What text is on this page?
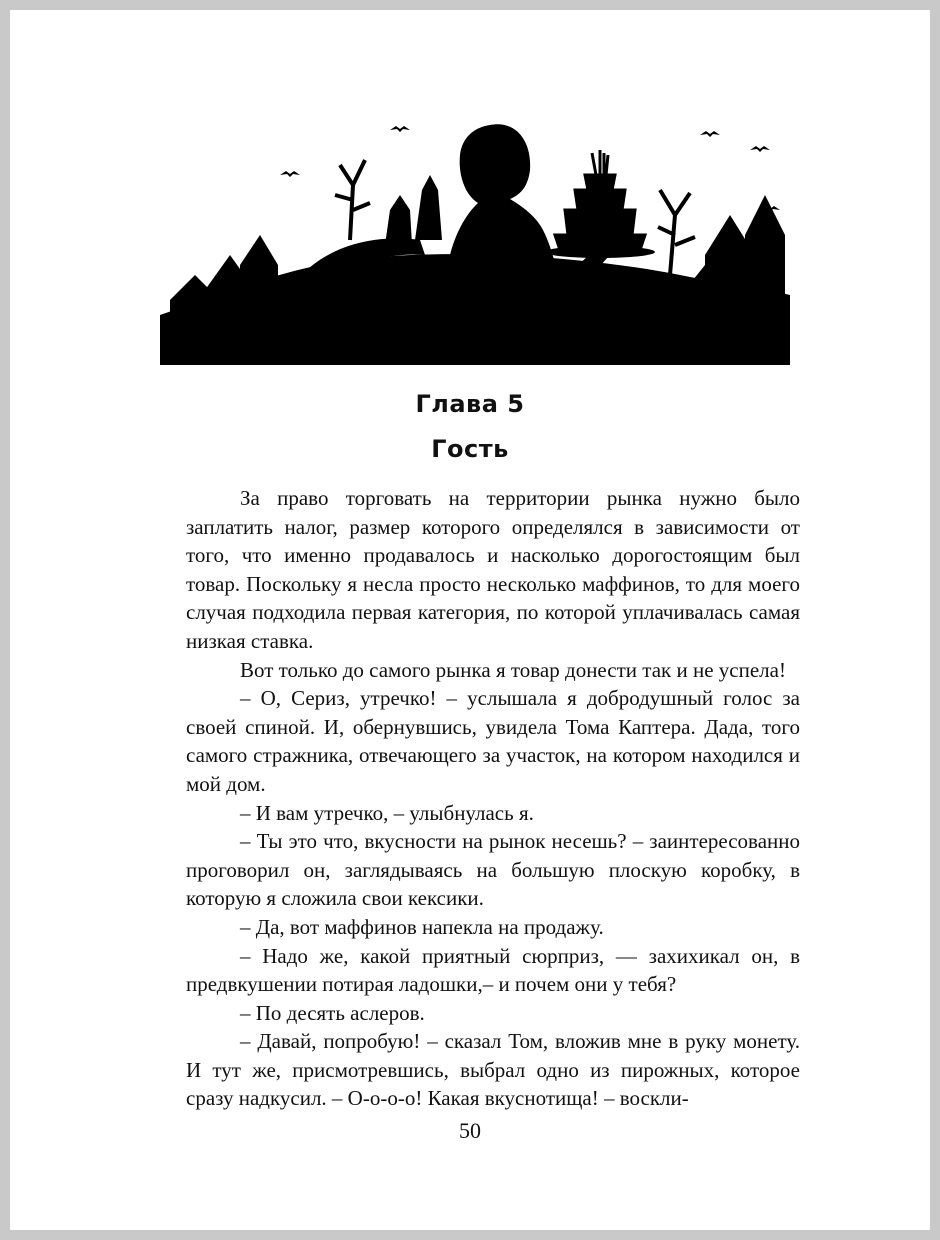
Глава 5
Гость

За право торговать на территории рынка нужно было заплатить налог, размер которого определялся в зависимости от того, что именно продавалось и насколько дорогостоящим был товар. Поскольку я несла просто несколько маффинов, то для моего случая подходила первая категория, по которой уплачивалась самая низкая ставка.

Вот только до самого рынка я товар донести так и не успела!

– О, Сериз, утречко! – услышала я добродушный голос за своей спиной. И, обернувшись, увидела Тома Каптера. Дада, того самого стражника, отвечающего за участок, на котором находился и мой дом.

– И вам утречко, – улыбнулась я.

– Ты это что, вкусности на рынок несешь? – заинтересованно проговорил он, заглядываясь на большую плоскую коробку, в которую я сложила свои кексики.

– Да, вот маффинов напекла на продажу.

– Надо же, какой приятный сюрприз, — захихикал он, в предвкушении потирая ладошки,– и почем они у тебя?

– По десять аслеров.

– Давай, попробую! – сказал Том, вложив мне в руку монету. И тут же, присмотревшись, выбрал одно из пирожных, которое сразу надкусил. – О-о-о-о! Какая вкуснотища! – воскли-

50
